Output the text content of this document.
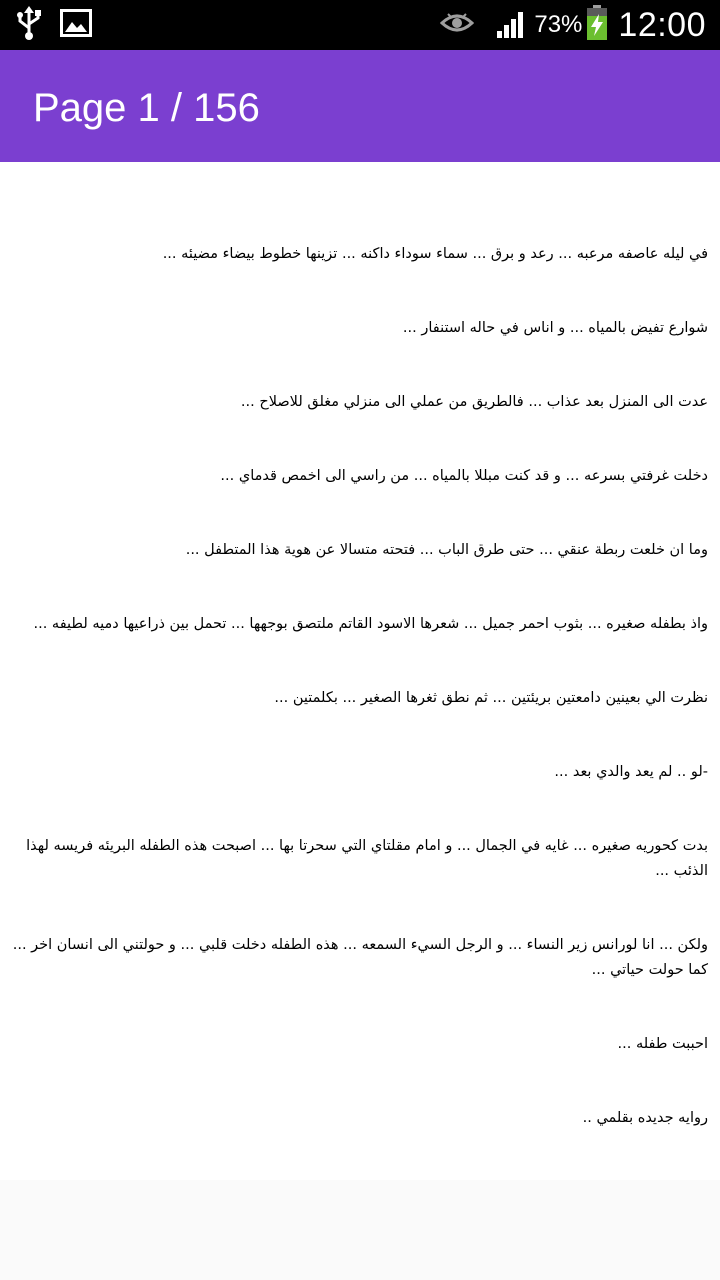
73% 12:00
Page 1 / 156

في ليله عاصفه مرعبه ... رعد و برق ... سماء سوداء داكنه ... تزينها خطوط بيضاء مضيئه ...

شوارع تفيض بالمياه ... و اناس في حاله استنفار ...

عدت الى المنزل بعد عذاب ... فالطريق من عملي الى منزلي مغلق للاصلاح ...

دخلت غرفتي بسرعه ... و قد كنت مبللا بالمياه ... من راسي الى اخمص قدماي ...

وما ان خلعت ربطة عنقي ... حتى طرق الباب ... فتحته متسالا عن هوية هذا المتطفل ...

واذ بطفله صغيره ... بثوب احمر جميل ... شعرها الاسود القاتم ملتصق بوجهها ... تحمل بين ذراعيها دميه لطيفه ...

نظرت الي بعينين دامعتين بريئتين ... ثم نطق ثغرها الصغير ... بكلمتين ...

-لو .. لم يعد والدي بعد ...

بدت كحوريه صغيره ... غايه في الجمال ... و امام مقلتاي التي سحرتا بها ... اصبحت هذه الطفله البريئه فريسه لهذا الذئب ...

ولكن ... انا لورانس زير النساء ... و الرجل السيء السمعه ... هذه الطفله دخلت قلبي ... و حولتني الى انسان اخر ... كما حولت حياتي ...

احببت طفله ...

روايه جديده بقلمي ..
